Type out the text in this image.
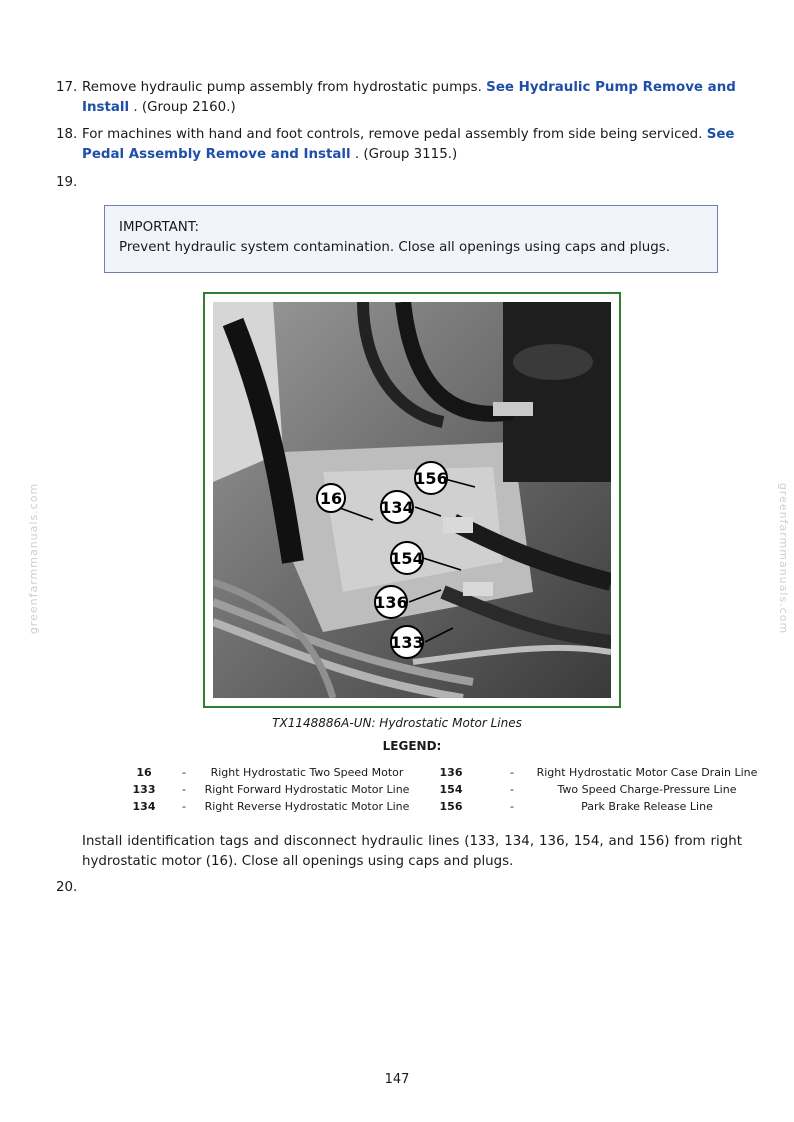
17. Remove hydraulic pump assembly from hydrostatic pumps. See Hydraulic Pump Remove and Install . (Group 2160.)
18. For machines with hand and foot controls, remove pedal assembly from side being serviced. See Pedal Assembly Remove and Install . (Group 3115.)
19.
IMPORTANT:
Prevent hydraulic system contamination. Close all openings using caps and plugs.
16 134
156
154
136
133
TX1148886A-UN: Hydrostatic Motor Lines
LEGEND:
16	-	Right Hydrostatic Two Speed Motor	136	-	Right Hydrostatic Motor Case Drain Line
133	-	Right Forward Hydrostatic Motor Line	154	-	Two Speed Charge-Pressure Line
134	-	Right Reverse Hydrostatic Motor Line	156	-	Park Brake Release Line
Install identification tags and disconnect hydraulic lines (133, 134, 136, 154, and 156) from right hydrostatic motor (16). Close all openings using caps and plugs.
20.
147
greenfarmmanuals.com	greenfarmmanuals.com
